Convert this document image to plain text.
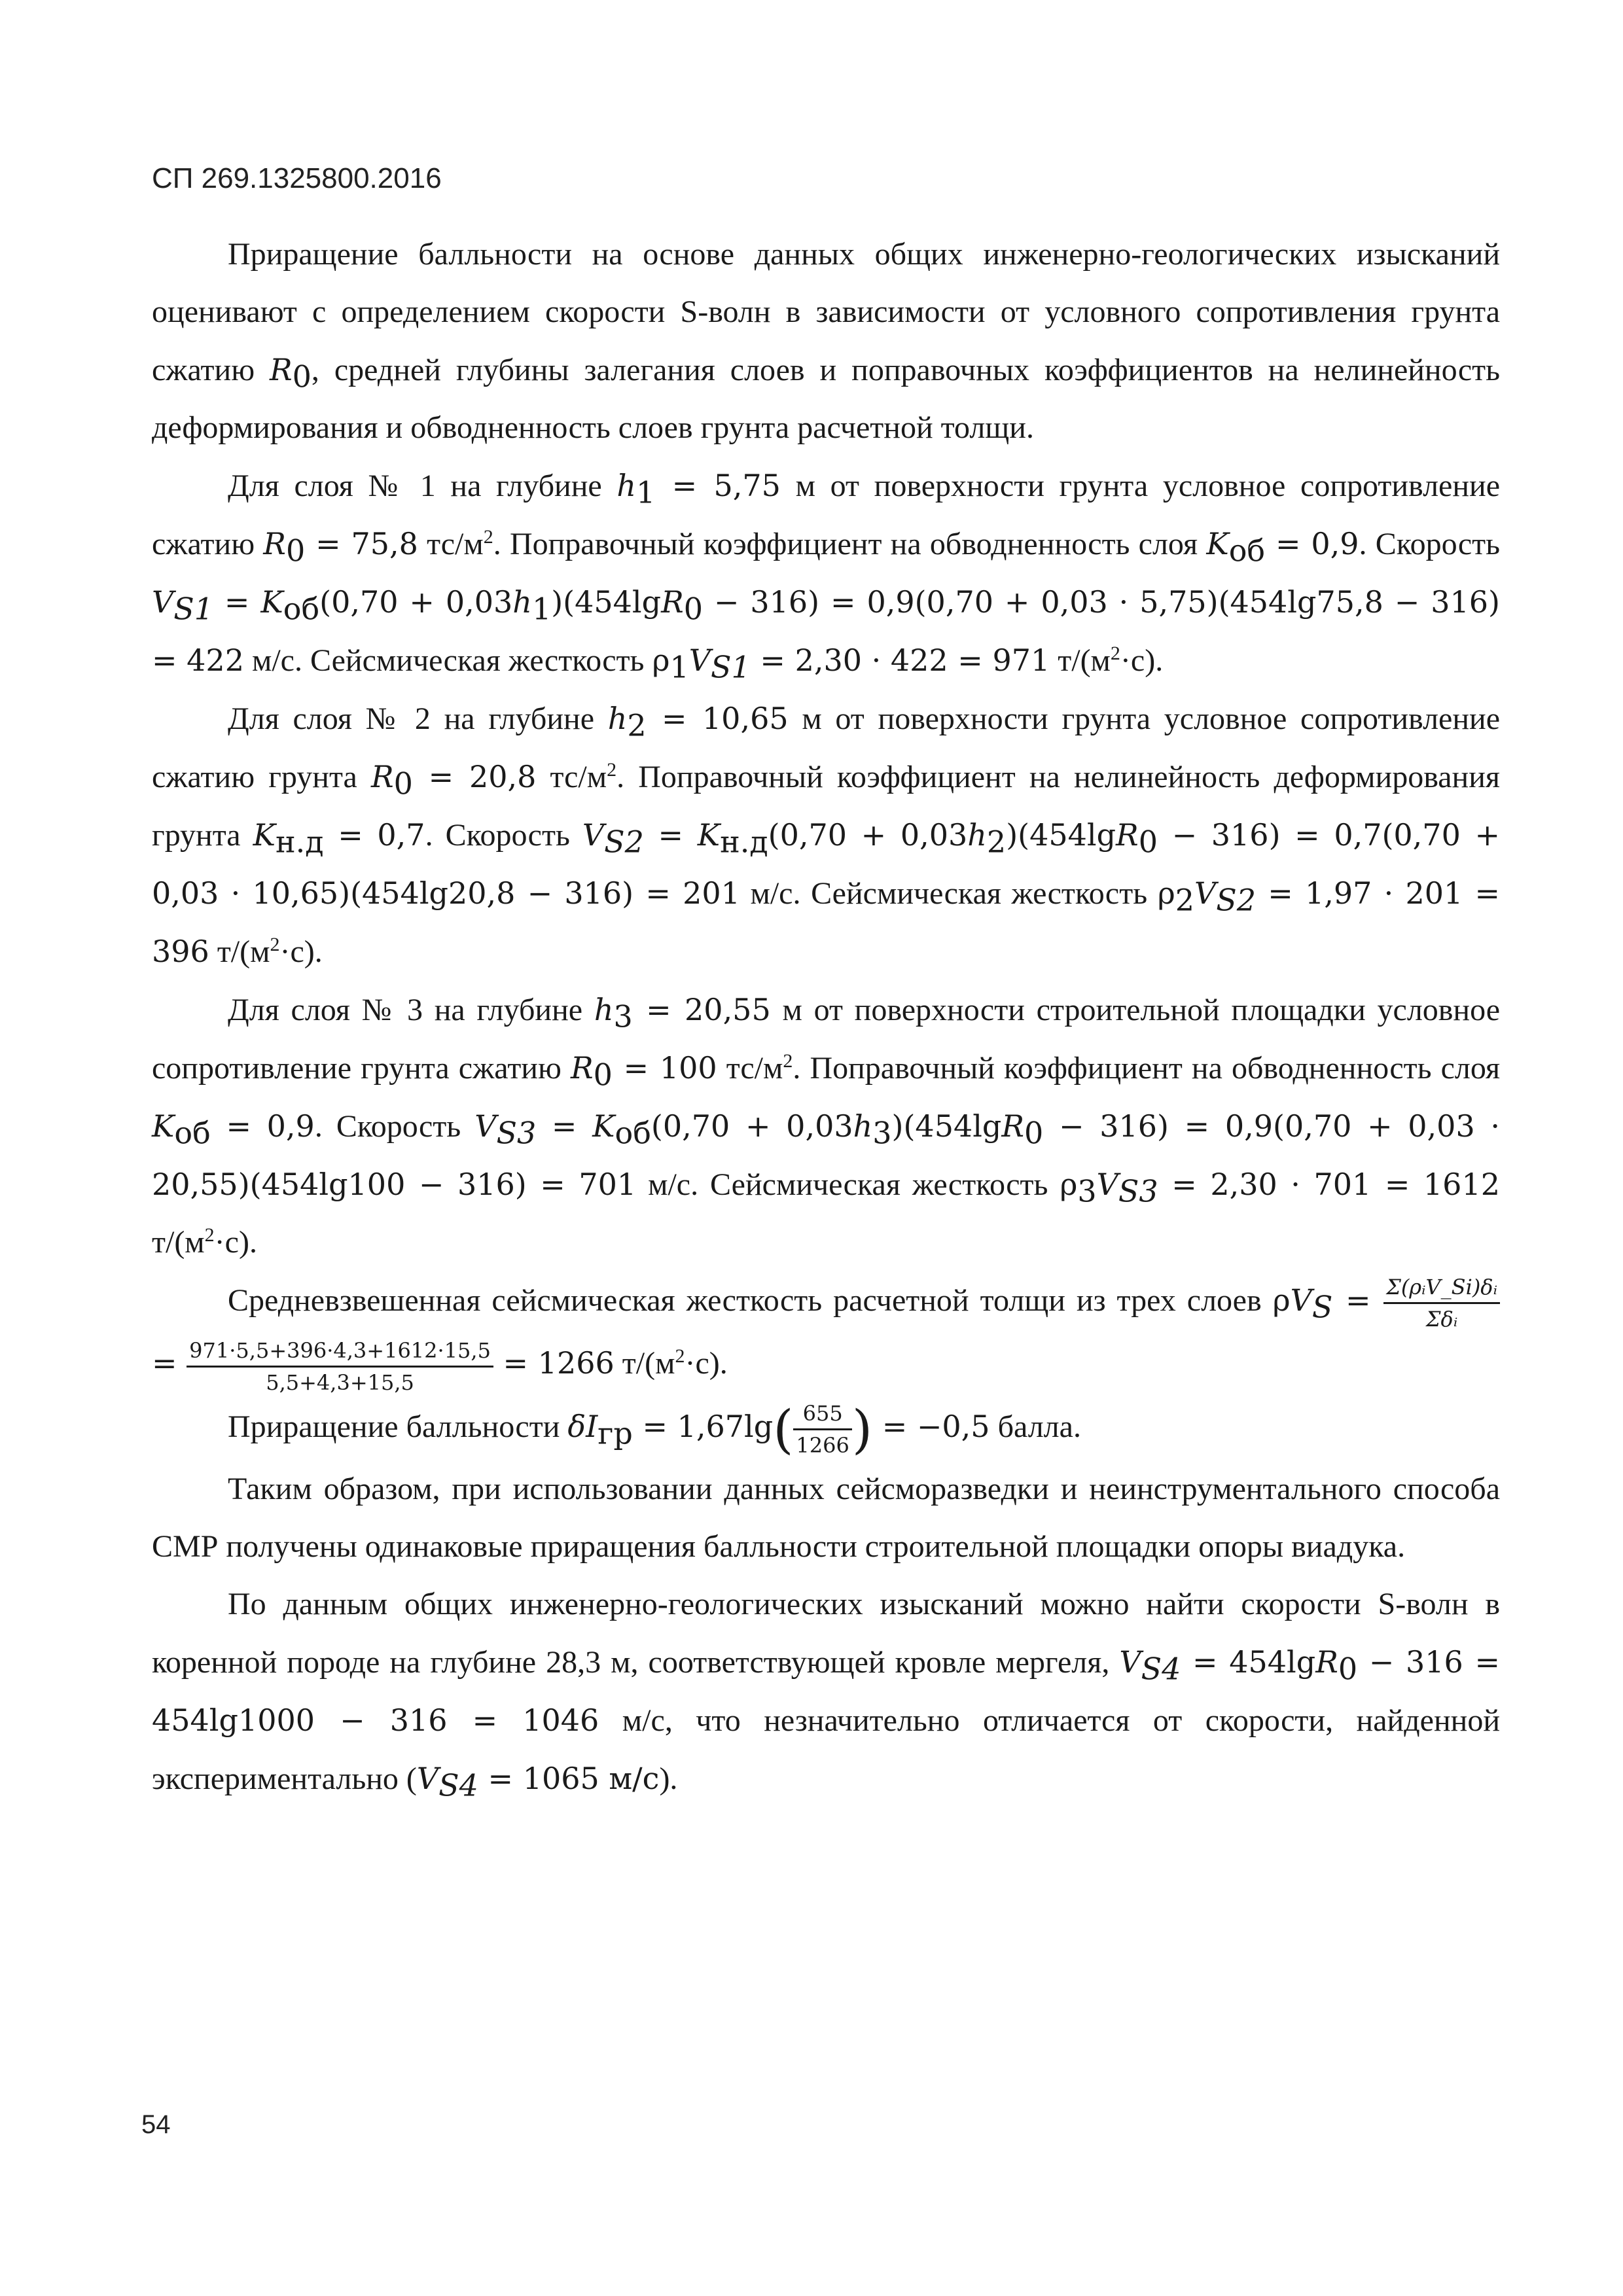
СП 269.1325800.2016

Приращение балльности на основе данных общих инженерно-геологических изысканий оценивают с определением скорости S-волн в зависимости от условного сопротивления грунта сжатию $R_0$, средней глубины залегания слоев и поправочных коэффициентов на нелинейность деформирования и обводненность слоев грунта расчетной толщи.

Для слоя № 1 на глубине $h_1 = 5,75$ м от поверхности грунта условное сопротивление сжатию $R_0 = 75,8$ $тс/м^2$. Поправочный коэффициент на обводненность слоя $K_{об} = 0,9$. Скорость $V_{S1} = K_{об}(0,70 + 0,03h_1)(454\lg R_0 - 316) = 0,9(0,70 + 0,03 \cdot 5,75)(454\lg 75,8 - 316) = 422$ м/с. Сейсмическая жесткость $\rho_1V_{S1} = 2,30 \cdot 422 = 971$ $т/(м^2\cdot с)$.

Для слоя № 2 на глубине $h_2 = 10,65$ м от поверхности грунта условное сопротивление сжатию грунта $R_0 = 20,8$ $тс/м^2$. Поправочный коэффициент на нелинейность деформирования грунта $K_{н.д} = 0,7$. Скорость $V_{S2} = K_{н.д}(0,70 + 0,03h_2)(454\lg R_0 - 316) = 0,7(0,70 + 0,03 \cdot 10,65)(454\lg 20,8 - 316) = 201$ м/с. Сейсмическая жесткость $\rho_2V_{S2} = 1,97 \cdot 201 = 396$ $т/(м^2\cdot с)$.

Для слоя № 3 на глубине $h_3 = 20,55$ м от поверхности строительной площадки условное сопротивление грунта сжатию $R_0 = 100$ $тс/м^2$. Поправочный коэффициент на обводненность слоя $K_{об} = 0,9$. Скорость $V_{S3} = K_{об}(0,70 + 0,03h_3)(454\lg R_0 - 316) = 0,9(0,70 + 0,03 \cdot 20,55)(454\lg 100 - 316) = 701$ м/с. Сейсмическая жесткость $\rho_3V_{S3} = 2,30 \cdot 701 = 1612$ $т/(м^2\cdot с)$.

Средневзвешенная сейсмическая жесткость расчетной толщи из трех слоев $\rho V_S = \frac{\text{Σ(ρᵢV\_Si)δᵢ}}{\text{Σδᵢ}}$
= $\frac{971\cdot 5,5+396\cdot 4,3+1612\cdot 15,5}{5,5+4,3+15,5} = 1266$ $т/(м^2\cdot с)$.

Приращение балльности $\delta I_{гр} = 1,67\lg( \frac{655}{1266}$ ) = −0,5 балла.

Таким образом, при использовании данных сейсморазведки и неинструментального способа СМР получены одинаковые приращения балльности строительной площадки опоры виадука.

По данным общих инженерно-геологических изысканий можно найти скорости S-волн в коренной породе на глубине 28,3 м, соответствующей кровле мергеля, $V_{S4} = 454\lg R_0 - 316 = 454\lg 1000 - 316 = 1046$ м/с, что незначительно отличается от скорости, найденной экспериментально ($V_{S4} = 1065$ м/с).

54
